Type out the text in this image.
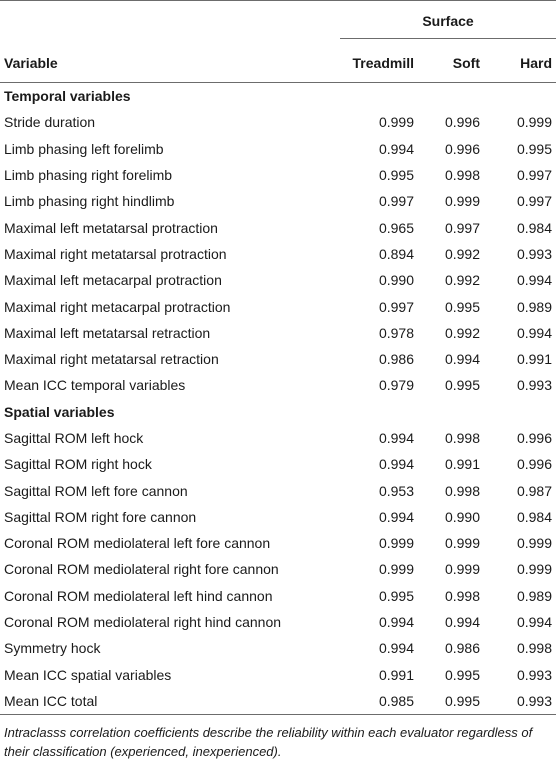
	Surface		

Variable	Treadmill	Soft	Hard
Temporal variables			
Stride duration	0.999	0.996	0.999
Limb phasing left forelimb	0.994	0.996	0.995
Limb phasing right forelimb	0.995	0.998	0.997
Limb phasing right hindlimb	0.997	0.999	0.997
Maximal left metatarsal protraction	0.965	0.997	0.984
Maximal right metatarsal protraction	0.894	0.992	0.993
Maximal left metacarpal protraction	0.990	0.992	0.994
Maximal right metacarpal protraction	0.997	0.995	0.989
Maximal left metatarsal retraction	0.978	0.992	0.994
Maximal right metatarsal retraction	0.986	0.994	0.991
Mean ICC temporal variables	0.979	0.995	0.993
Spatial variables			
Sagittal ROM left hock	0.994	0.998	0.996
Sagittal ROM right hock	0.994	0.991	0.996
Sagittal ROM left fore cannon	0.953	0.998	0.987
Sagittal ROM right fore cannon	0.994	0.990	0.984
Coronal ROM mediolateral left fore cannon	0.999	0.999	0.999
Coronal ROM mediolateral right fore cannon	0.999	0.999	0.999
Coronal ROM mediolateral left hind cannon	0.995	0.998	0.989
Coronal ROM mediolateral right hind cannon	0.994	0.994	0.994
Symmetry hock	0.994	0.986	0.998
Mean ICC spatial variables	0.991	0.995	0.993
Mean ICC total	0.985	0.995	0.993
Intraclasss correlation coefficients describe the reliability within each evaluator regardless of their classification (experienced, inexperienced).
